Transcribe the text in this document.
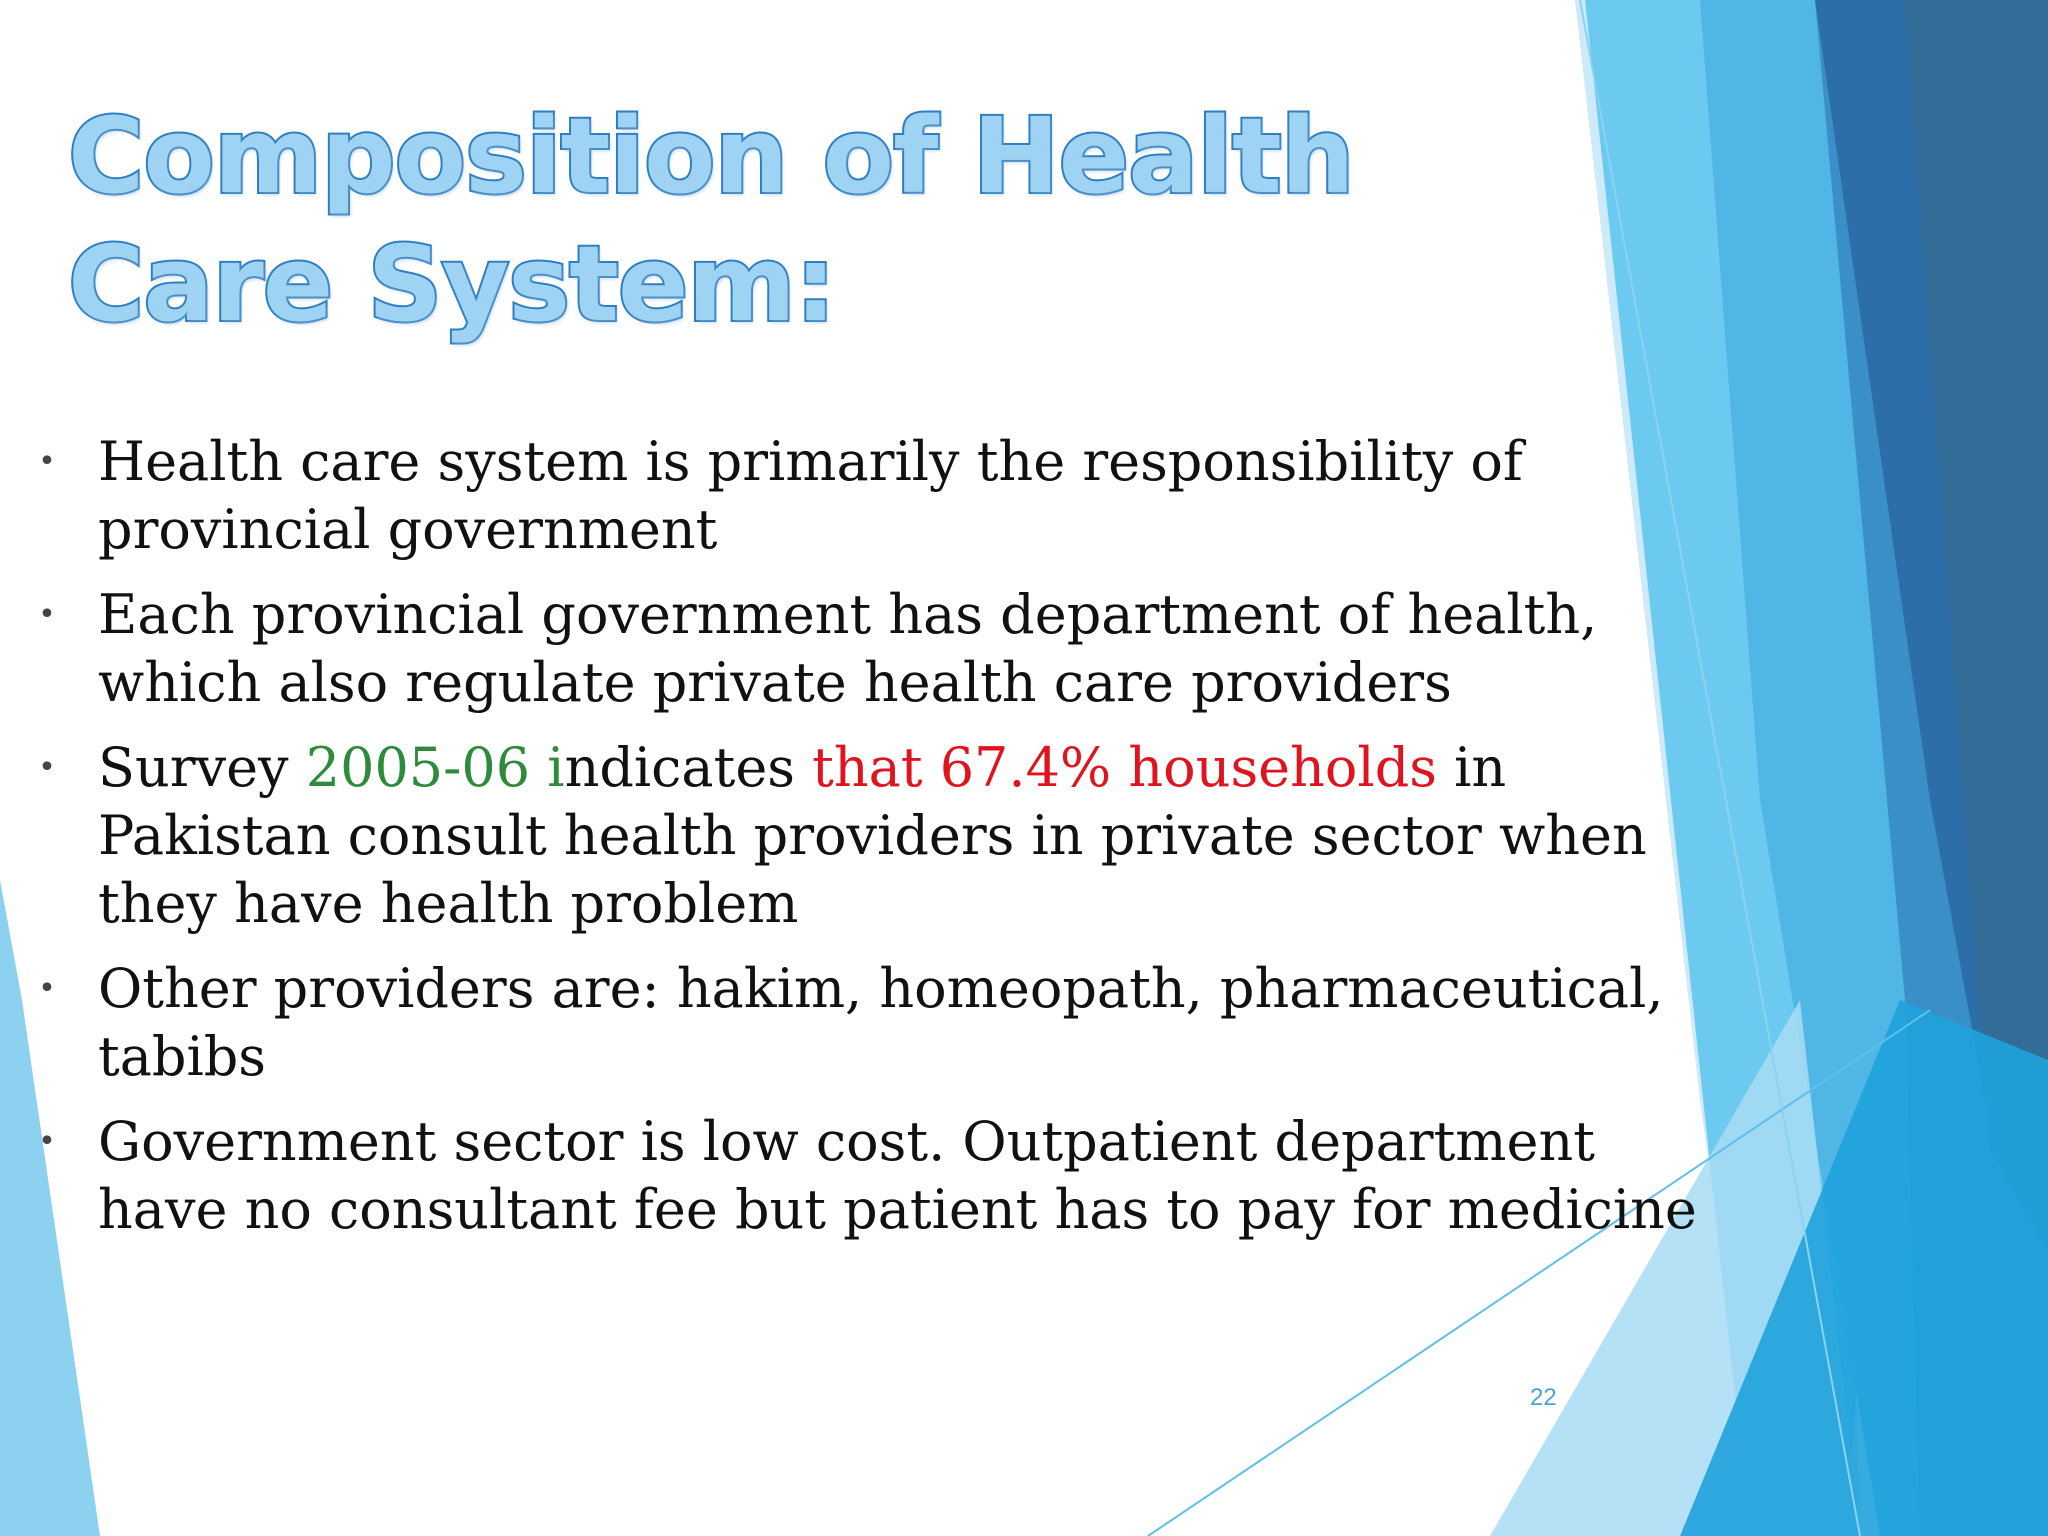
Composition of Health Care System:
• Health care system is primarily the responsibility of provincial government
• Each provincial government has department of health, which also regulate private health care providers
• Survey 2005-06 indicates that 67.4% households in Pakistan consult health providers in private sector when they have health problem
• Other providers are: hakim, homeopath, pharmaceutical, tabibs
• Government sector is low cost. Outpatient department have no consultant fee but patient has to pay for medicine
22
